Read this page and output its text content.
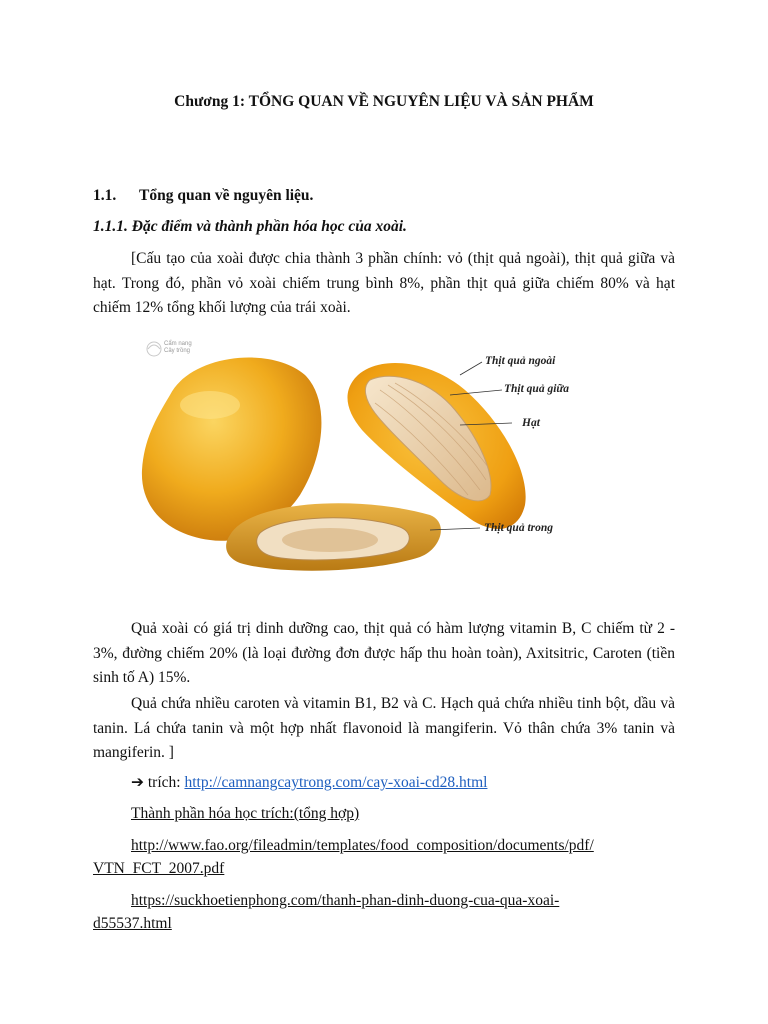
Chương 1: TỔNG QUAN VỀ NGUYÊN LIỆU VÀ SẢN PHẨM
1.1. Tổng quan về nguyên liệu.
1.1.1. Đặc điểm và thành phần hóa học của xoài.
[Cấu tạo của xoài được chia thành 3 phần chính: vỏ (thịt quả ngoài), thịt quả giữa và hạt. Trong đó, phần vỏ xoài chiếm trung bình 8%, phần thịt quả giữa chiếm 80% và hạt chiếm 12% tổng khối lượng của trái xoài.
Cẩm nang
Cây trồng
Thịt quả ngoài
Thịt quả giữa
Hạt
Thịt quả trong
Quả xoài có giá trị dinh dưỡng cao, thịt quả có hàm lượng vitamin B, C chiếm từ 2 - 3%, đường chiếm 20% (là loại đường đơn được hấp thu hoàn toàn), Axitsitric, Caroten (tiền sinh tố A) 15%.
Quả chứa nhiều caroten và vitamin B1, B2 và C. Hạch quả chứa nhiều tinh bột, dầu và tanin. Lá chứa tanin và một hợp nhất flavonoid là mangiferin. Vỏ thân chứa 3% tanin và mangiferin. ]
➔ trích: http://camnangcaytrong.com/cay-xoai-cd28.html
Thành phần hóa học trích:(tổng hợp)
http://www.fao.org/fileadmin/templates/food_composition/documents/pdf/
VTN_FCT_2007.pdf
https://suckhoetienphong.com/thanh-phan-dinh-duong-cua-qua-xoai-
d55537.html
